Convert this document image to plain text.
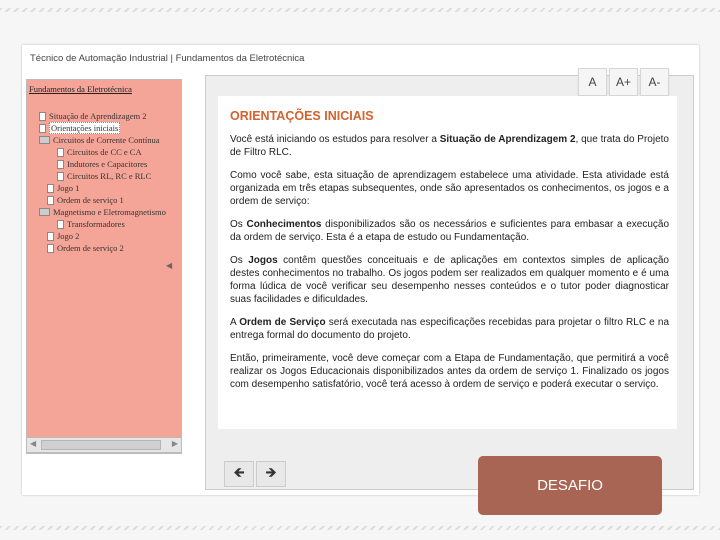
Técnico de Automação Industrial | Fundamentos da Eletrotécnica
Fundamentos da Eletrotécnica
Situação de Aprendizagem 2
Orientações iniciais
Circuitos de Corrente Contínua
Circuitos de CC e CA
Indutores e Capacitores
Circuitos RL, RC e RLC
Jogo 1
Ordem de serviço 1
Magnetismo e Eletromagnetismo
Transformadores
Jogo 2
Ordem de serviço 2
◀	▶
◀
A	A+	A-
ORIENTAÇÕES INICIAIS

Você está iniciando os estudos para resolver a Situação de Aprendizagem 2, que trata do Projeto de Filtro RLC.

Como você sabe, esta situação de aprendizagem estabelece uma atividade. Esta atividade está organizada em três etapas subsequentes, onde são apresentados os conhecimentos, os jogos e a ordem de serviço:

Os Conhecimentos disponibilizados são os necessários e suficientes para embasar a execução da ordem de serviço. Esta é a etapa de estudo ou Fundamentação.

Os Jogos contêm questões conceituais e de aplicações em contextos simples de aplicação destes conhecimentos no trabalho. Os jogos podem ser realizados em qualquer momento e é uma forma lúdica de você verificar seu desempenho nesses conteúdos e o tutor poder diagnosticar suas facilidades e dificuldades.

A Ordem de Serviço será executada nas especificações recebidas para projetar o filtro RLC e na entrega formal do documento do projeto.

Então, primeiramente, você deve começar com a Etapa de Fundamentação, que permitirá a você realizar os Jogos Educacionais disponibilizados antes da ordem de serviço 1. Finalizado os jogos com desempenho satisfatório, você terá acesso à ordem de serviço e poderá executar o serviço.

🡸	🡺
DESAFIO
